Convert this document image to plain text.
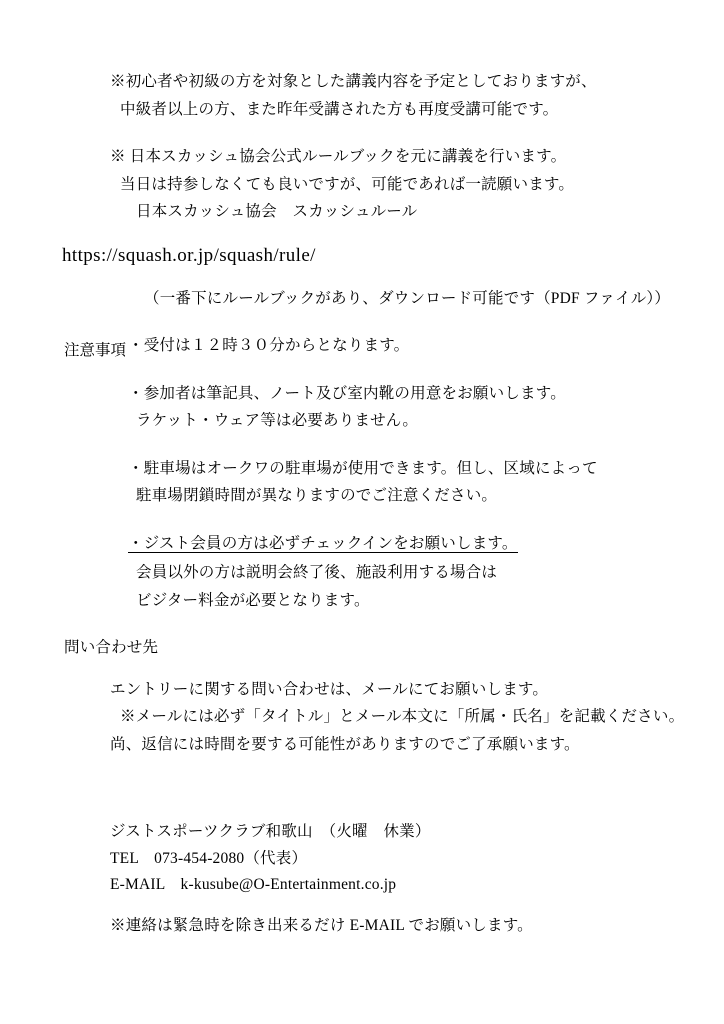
※初心者や初級の方を対象とした講義内容を予定としておりますが、
中級者以上の方、また昨年受講された方も再度受講可能です。
※ 日本スカッシュ協会公式ルールブックを元に講義を行います。
当日は持参しなくても良いですが、可能であれば一読願います。
日本スカッシュ協会　スカッシュルール
https://squash.or.jp/squash/rule/
（一番下にルールブックがあり、ダウンロード可能です（PDF ファイル））
注意事項 ・受付は１２時３０分からとなります。
・参加者は筆記具、ノート及び室内靴の用意をお願いします。
ラケット・ウェア等は必要ありません。
・駐車場はオークワの駐車場が使用できます。但し、区域によって
駐車場閉鎖時間が異なりますのでご注意ください。
・ジスト会員の方は必ずチェックインをお願いします。
会員以外の方は説明会終了後、施設利用する場合は
ビジター料金が必要となります。
問い合わせ先
エントリーに関する問い合わせは、メールにてお願いします。
※メールには必ず「タイトル」とメール本文に「所属・氏名」を記載ください。
尚、返信には時間を要する可能性がありますのでご了承願います。
ジストスポーツクラブ和歌山　（火曜　休業）
TEL　073-454-2080（代表）
E-MAIL　k-kusube@O-Entertainment.co.jp
※連絡は緊急時を除き出来るだけ E-MAIL でお願いします。
